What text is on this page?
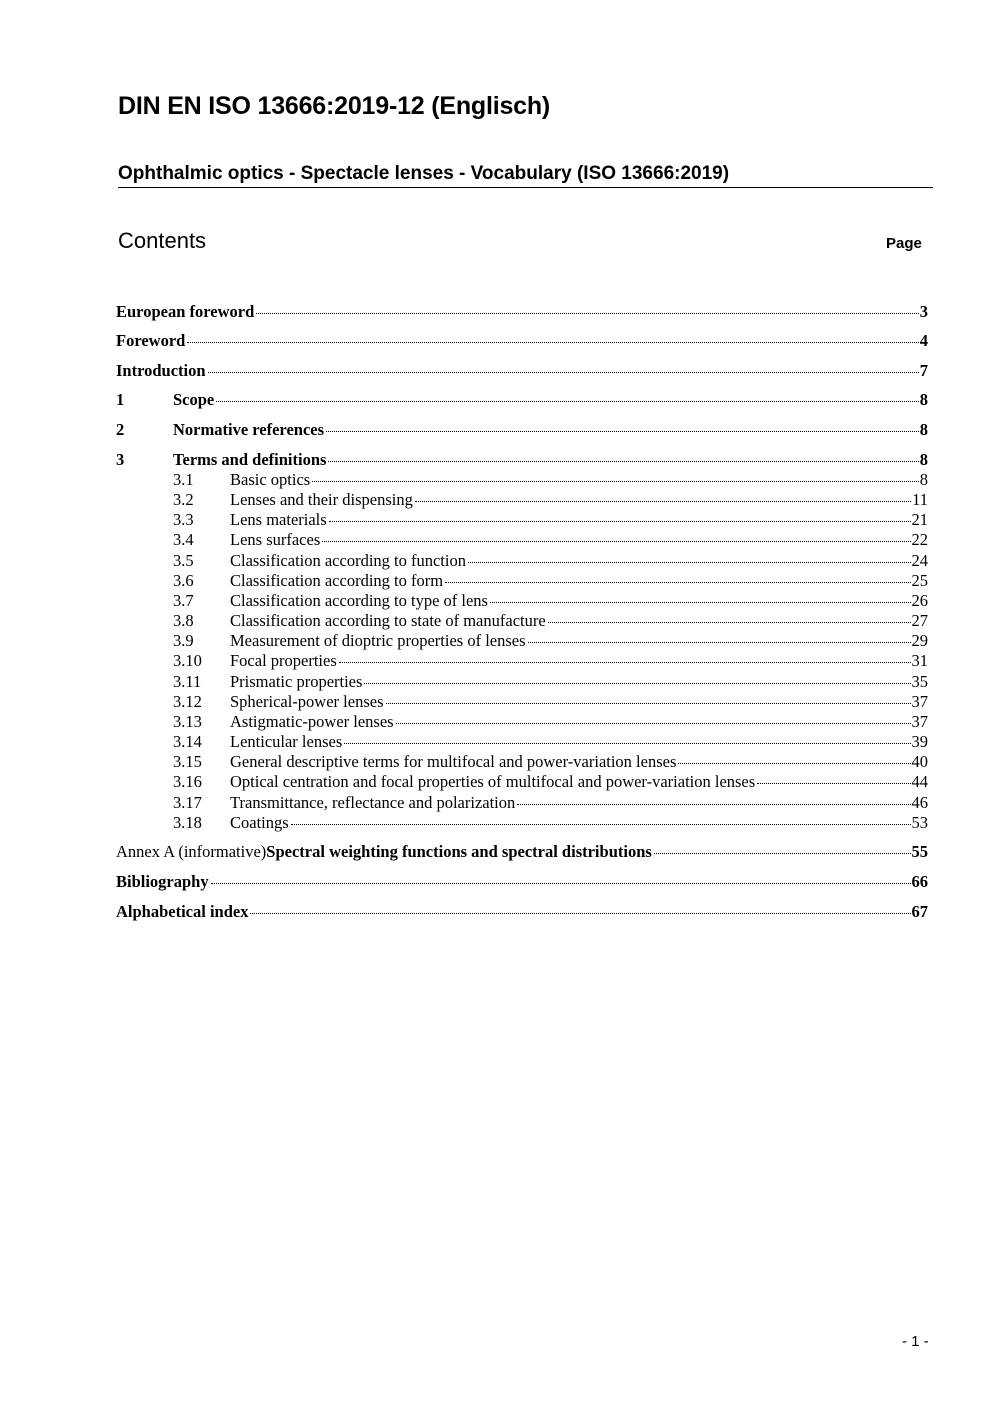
DIN EN ISO 13666:2019-12 (Englisch)
Ophthalmic optics - Spectacle lenses - Vocabulary (ISO 13666:2019)
Contents	Page
European foreword	3
Foreword	4
Introduction	7
1	Scope	8
2	Normative references	8
3	Terms and definitions	8
3.1	Basic optics	8
3.2	Lenses and their dispensing	11
3.3	Lens materials	21
3.4	Lens surfaces	22
3.5	Classification according to function	24
3.6	Classification according to form	25
3.7	Classification according to type of lens	26
3.8	Classification according to state of manufacture	27
3.9	Measurement of dioptric properties of lenses	29
3.10	Focal properties	31
3.11	Prismatic properties	35
3.12	Spherical-power lenses	37
3.13	Astigmatic-power lenses	37
3.14	Lenticular lenses	39
3.15	General descriptive terms for multifocal and power-variation lenses	40
3.16	Optical centration and focal properties of multifocal and power-variation lenses	44
3.17	Transmittance, reflectance and polarization	46
3.18	Coatings	53
Annex A (informative) Spectral weighting functions and spectral distributions	55
Bibliography	66
Alphabetical index	67
- 1 -
